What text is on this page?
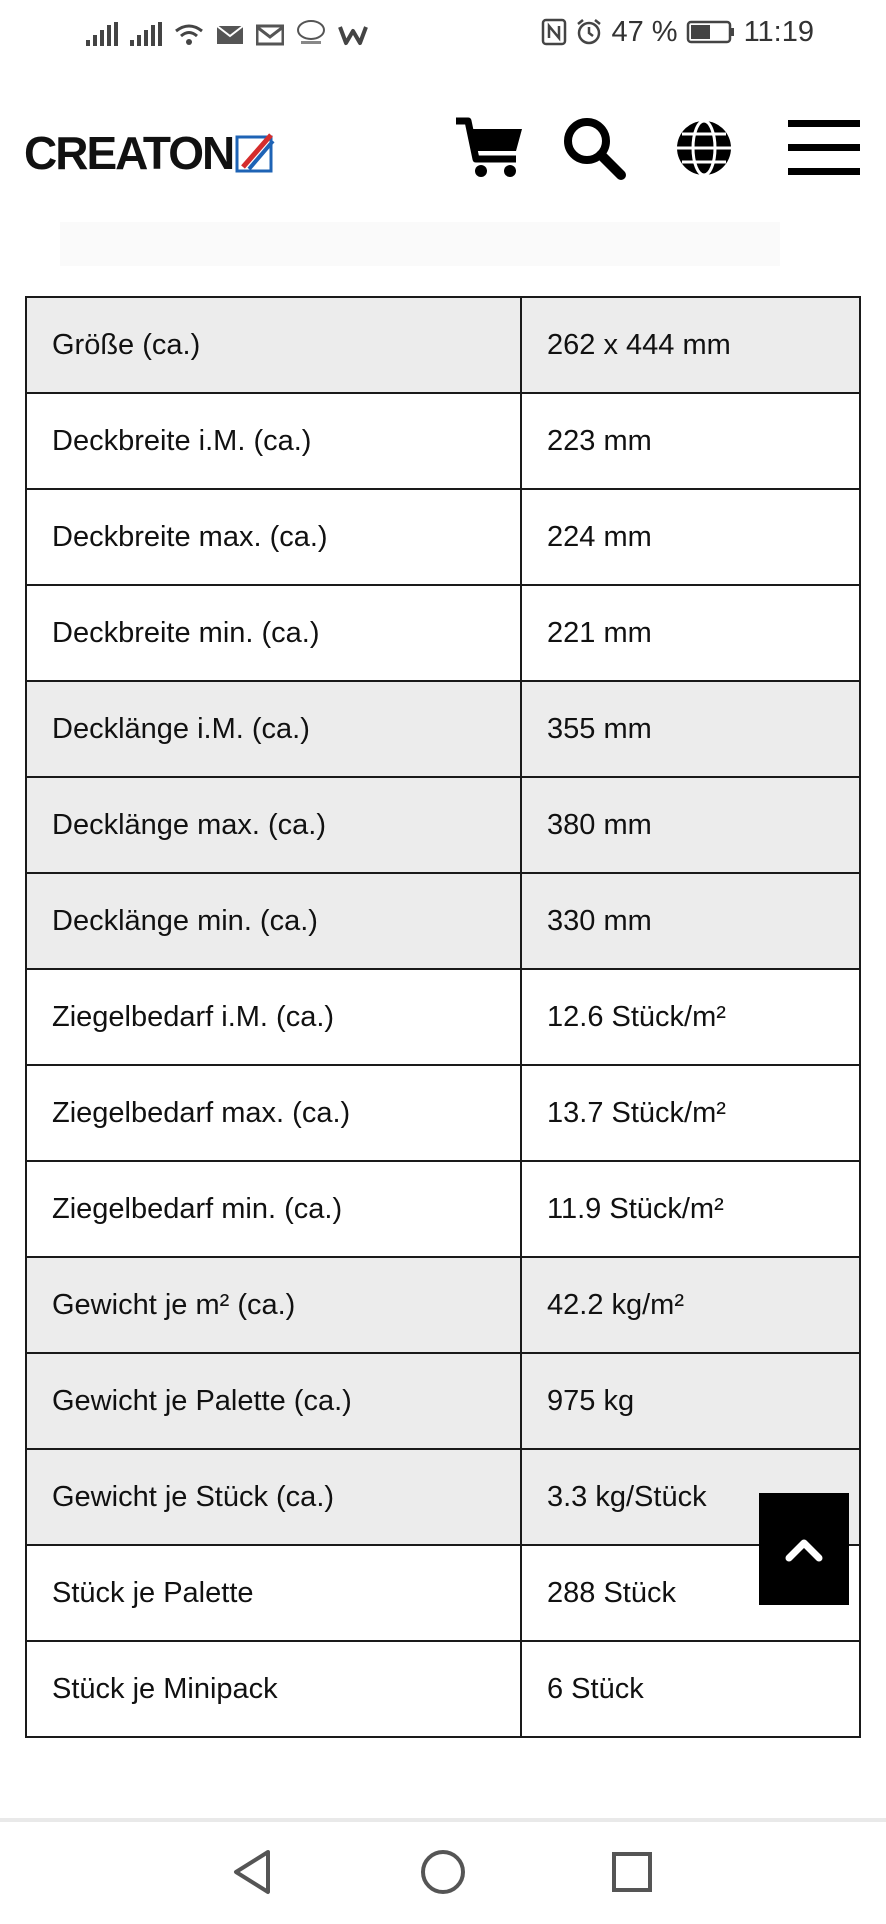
47 % 11:19
CREATON
Größe (ca.)	262 x 444 mm
Deckbreite i.M. (ca.)	223 mm
Deckbreite max. (ca.)	224 mm
Deckbreite min. (ca.)	221 mm
Decklänge i.M. (ca.)	355 mm
Decklänge max. (ca.)	380 mm
Decklänge min. (ca.)	330 mm
Ziegelbedarf i.M. (ca.)	12.6 Stück/m²
Ziegelbedarf max. (ca.)	13.7 Stück/m²
Ziegelbedarf min. (ca.)	11.9 Stück/m²
Gewicht je m² (ca.)	42.2 kg/m²
Gewicht je Palette (ca.)	975 kg
Gewicht je Stück (ca.)	3.3 kg/Stück
Stück je Palette	288 Stück
Stück je Minipack	6 Stück
